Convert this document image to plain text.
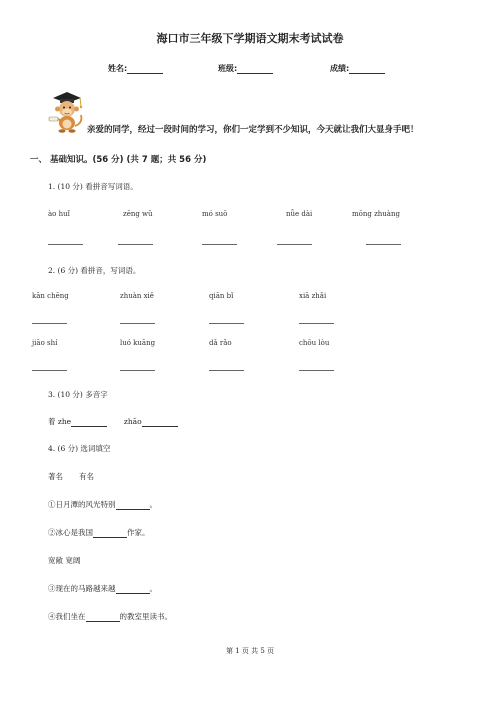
海口市三年级下学期语文期末考试试卷
姓名:	班级:	成绩:
亲爱的同学，经过一段时间的学习，你们一定学到不少知识，今天就让我们大显身手吧！
一、 基础知识。(56 分) (共 7 题；共 56 分)
1. (10 分) 看拼音写词语。
ào huǐ	zēng wǔ	mó suō	nǚe dài	mōng zhuàng
2. (6 分) 看拼音，写词语。
kān chēng	zhuàn xiě	qiān bǐ	xiā zhǎi
jiāo shí	luó kuāng	dǎ rǎo	chōu lòu
3. (10 分) 多音字
着 zhe	zhāo
4. (6 分) 选词填空
著名 有名
①日月潭的风光特别	。
②冰心是我国	作家。
宽敞 宽阔
③现在的马路越来越	。
④我们坐在	的教室里读书。
第 1 页 共 5 页
